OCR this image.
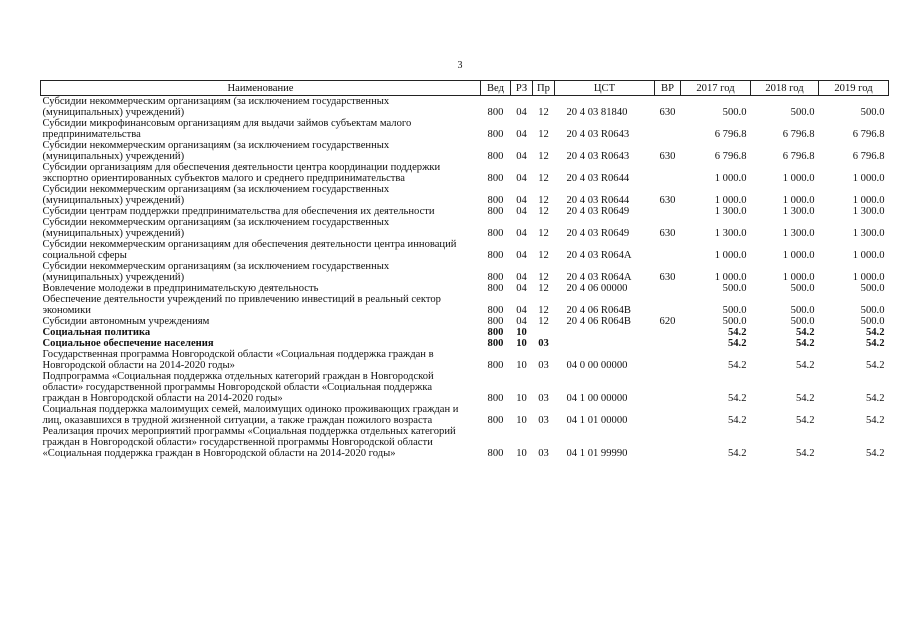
3
Наименование	Вед	РЗ	Пр	ЦСТ	ВР	2017 год	2018 год	2019 год
Субсидии некоммерческим организациям (за исключением государственных (муниципальных) учреждений)	800	04	12	20 4 03 81840	630	500.0	500.0	500.0
Субсидии микрофинансовым организациям для выдачи займов субъектам малого предпринимательства	800	04	12	20 4 03 R0643		6 796.8	6 796.8	6 796.8
Субсидии некоммерческим организациям (за исключением государственных (муниципальных) учреждений)	800	04	12	20 4 03 R0643	630	6 796.8	6 796.8	6 796.8
Субсидии организациям для обеспечения деятельности центра координации поддержки экспортно ориентированных субъектов малого и среднего предпринимательства	800	04	12	20 4 03 R0644		1 000.0	1 000.0	1 000.0
Субсидии некоммерческим организациям (за исключением государственных (муниципальных) учреждений)	800	04	12	20 4 03 R0644	630	1 000.0	1 000.0	1 000.0
Субсидии центрам поддержки предпринимательства для обеспечения их деятельности	800	04	12	20 4 03 R0649		1 300.0	1 300.0	1 300.0
Субсидии некоммерческим организациям (за исключением государственных (муниципальных) учреждений)	800	04	12	20 4 03 R0649	630	1 300.0	1 300.0	1 300.0
Субсидии некоммерческим организациям для обеспечения деятельности центра инноваций социальной сферы	800	04	12	20 4 03 R064A		1 000.0	1 000.0	1 000.0
Субсидии некоммерческим организациям (за исключением государственных (муниципальных) учреждений)	800	04	12	20 4 03 R064A	630	1 000.0	1 000.0	1 000.0
Вовлечение молодежи в предпринимательскую деятельность	800	04	12	20 4 06 00000		500.0	500.0	500.0
Обеспечение деятельности учреждений по привлечению инвестиций в реальный сектор экономики	800	04	12	20 4 06 R064B		500.0	500.0	500.0
Субсидии автономным учреждениям	800	04	12	20 4 06 R064B	620	500.0	500.0	500.0
Социальная политика	800	10				54.2	54.2	54.2
Социальное обеспечение населения	800	10	03			54.2	54.2	54.2
Государственная программа Новгородской области «Социальная поддержка граждан в Новгородской области на 2014-2020 годы»	800	10	03	04 0 00 00000		54.2	54.2	54.2
Подпрограмма «Социальная поддержка отдельных категорий граждан в Новгородской области» государственной программы Новгородской области «Социальная поддержка граждан в Новгородской области на 2014-2020 годы»	800	10	03	04 1 00 00000		54.2	54.2	54.2
Социальная поддержка малоимущих семей, малоимущих одиноко проживающих граждан и лиц, оказавшихся в трудной жизненной ситуации, а также граждан пожилого возраста	800	10	03	04 1 01 00000		54.2	54.2	54.2
Реализация прочих мероприятий программы «Социальная поддержка отдельных категорий граждан в Новгородской области» государственной программы Новгородской области «Социальная поддержка граждан в Новгородской области на 2014-2020 годы»	800	10	03	04 1 01 99990		54.2	54.2	54.2
